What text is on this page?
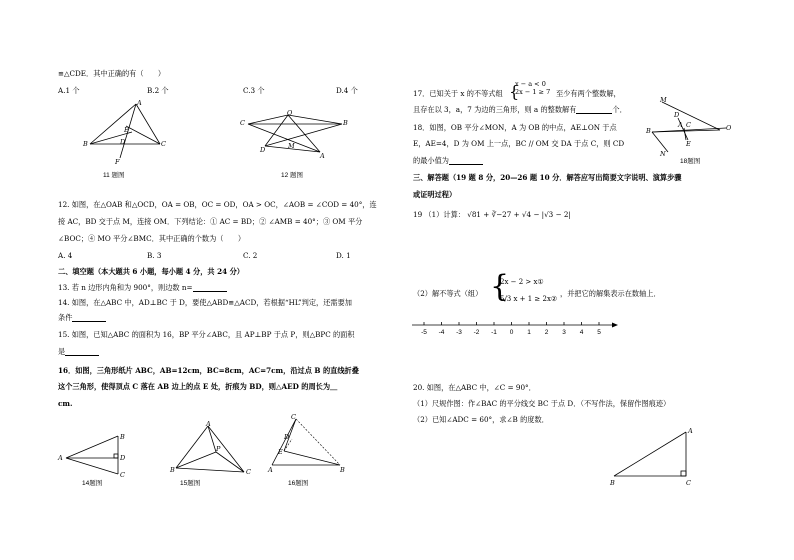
≌△CDE．其中正确的有（　　）
A.1 个	B.2 个	C.3 个	D.4 个
A
B	C
E
D
F
11 题图
C
O
B
D	M
A
12 题图
12. 如图，在△OAB 和△OCD，OA = OB，OC = OD，OA > OC，∠AOB = ∠COD = 40°，连
接 AC，BD 交于点 M，连接 OM．下列结论：① AC = BD；② ∠AMB = 40°；③ OM 平分
∠BOC；④ MO 平分∠BMC．其中正确的个数为（　　）
A. 4	B. 3	C. 2	D. 1
二、填空题（本大题共 6 小题，每小题 4 分，共 24 分）
13. 若 n 边形内角和为 900°，则边数 n=
14. 如图，在△ABC 中，AD⊥BC 于 D，要使△ABD≌△ACD，若根据“HL”判定，还需要加
条件
15. 如图，已知△ABC 的面积为 16，BP 平分∠ABC，且 AP⊥BP 于点 P，则△BPC 的面积
是
16．如图，三角形纸片 ABC，AB=12cm，BC=8cm，AC=7cm，沿过点 B 的直线折叠
这个三角形，使得顶点 C 落在 AB 边上的点 E 处，折痕为 BD，则△AED 的周长为＿
cm.
A
B
D
C
14题图
A
B
P
C
15题图
C
D
E
A	B
16题图
17．已知关于 x 的不等式组 {
x − a < 0
2x − 1 ≥ 7 至少有两个整数解，
且存在以 3，a，7 为边的三角形，则 a 的整数解有	个．
18．如图，OB 平分∠MON，A 为 OB 的中点，AE⊥ON 于点
E，AE=4，D 为 OM 上一点，BC // OM 交 DA 于点 C，则 CD
的最小值为
M
B
A C
D
O
E
N
18题图
三、解答题（19 题 8 分，20—26 题 10 分．解答应写出简要文字说明、演算步骤
或证明过程）
19 （1）计算： √81 + ∛−27 + √4 − |√3 − 2|
（2）解不等式（组） {
2x − 2 > x①
5/3 x + 1 ≥ 2x②
，并把它的解集表示在数轴上．
-5 -4 -3 -2 -1 0 1 2 3 4 5
20. 如图，在△ABC 中，∠C = 90°．
（1）尺规作图：作∠BAC 的平分线交 BC 于点 D．（不写作法，保留作图痕迹）
（2）已知∠ADC = 60°，求∠B 的度数．
A
B	C
